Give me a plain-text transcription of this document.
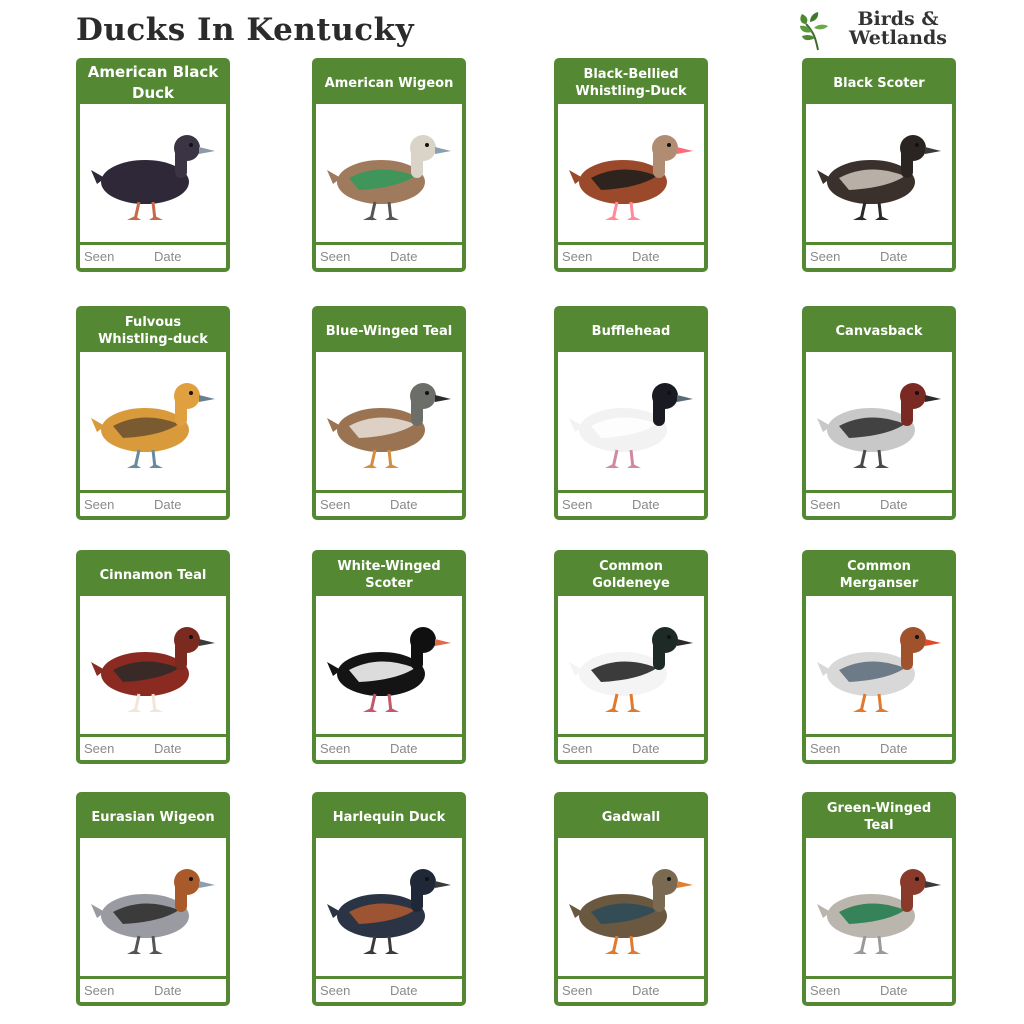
Ducks In Kentucky	Birds &
Wetlands
American Black Duck
Seen	Date
American Wigeon
Seen	Date
Black-Bellied Whistling-Duck
Seen	Date
Black Scoter
Seen	Date
Fulvous Whistling-duck
Seen	Date
Blue-Winged Teal
Seen	Date
Bufflehead
Seen	Date
Canvasback
Seen	Date
Cinnamon Teal
Seen	Date
White-Winged Scoter
Seen	Date
Common Goldeneye
Seen	Date
Common Merganser
Seen	Date
Eurasian Wigeon
Seen	Date
Harlequin Duck
Seen	Date
Gadwall
Seen	Date
Green-Winged Teal
Seen	Date
